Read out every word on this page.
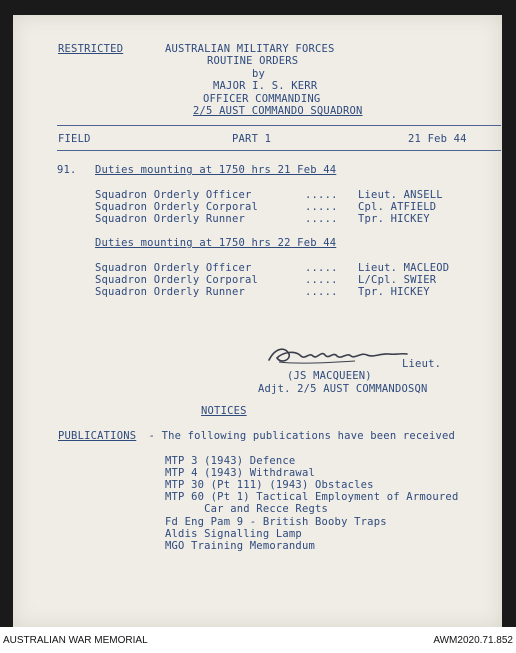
RESTRICTED	AUSTRALIAN MILITARY FORCES
ROUTINE ORDERS
by
MAJOR I. S. KERR
OFFICER COMMANDING
2/5 AUST COMMANDO SQUADRON
FIELD	PART 1	21 Feb 44
91. Duties mounting at 1750 hrs 21 Feb 44
Squadron Orderly Officer	..... Lieut. ANSELL
Squadron Orderly Corporal	..... Cpl. ATFIELD
Squadron Orderly Runner	..... Tpr. HICKEY
Duties mounting at 1750 hrs 22 Feb 44
Squadron Orderly Officer	..... Lieut. MACLEOD
Squadron Orderly Corporal	..... L/Cpl. SWIER
Squadron Orderly Runner	..... Tpr. HICKEY
Lieut.
(JS MACQUEEN)
Adjt. 2/5 AUST COMMANDOSQN
NOTICES
PUBLICATIONS - The following publications have been received
MTP 3 (1943) Defence
MTP 4 (1943) Withdrawal
MTP 30 (Pt 111) (1943) Obstacles
MTP 60 (Pt 1) Tactical Employment of Armoured
Car and Recce Regts
Fd Eng Pam 9 - British Booby Traps
Aldis Signalling Lamp
MGO Training Memorandum
AUSTRALIAN WAR MEMORIAL	AWM2020.71.852
